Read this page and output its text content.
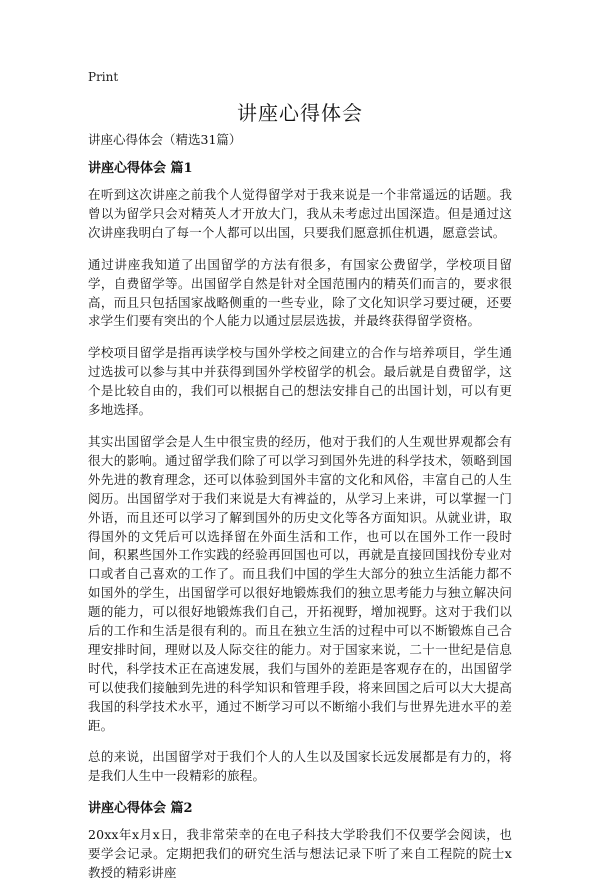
Print
讲座心得体会
讲座心得体会（精选31篇）
讲座心得体会 篇1

在听到这次讲座之前我个人觉得留学对于我来说是一个非常遥远的话题。我曾以为留学只会对精英人才开放大门，我从未考虑过出国深造。但是通过这次讲座我明白了每一个人都可以出国，只要我们愿意抓住机遇，愿意尝试。

通过讲座我知道了出国留学的方法有很多，有国家公费留学，学校项目留学，自费留学等。出国留学自然是针对全国范围内的精英们而言的，要求很高，而且只包括国家战略侧重的一些专业，除了文化知识学习要过硬，还要求学生们要有突出的个人能力以通过层层选拔，并最终获得留学资格。

学校项目留学是指再读学校与国外学校之间建立的合作与培养项目，学生通过选拔可以参与其中并获得到国外学校留学的机会。最后就是自费留学，这个是比较自由的，我们可以根据自己的想法安排自己的出国计划，可以有更多地选择。

其实出国留学会是人生中很宝贵的经历，他对于我们的人生观世界观都会有很大的影响。通过留学我们除了可以学习到国外先进的科学技术，领略到国外先进的教育理念，还可以体验到国外丰富的文化和风俗，丰富自己的人生阅历。出国留学对于我们来说是大有裨益的，从学习上来讲，可以掌握一门外语，而且还可以学习了解到国外的历史文化等各方面知识。从就业讲，取得国外的文凭后可以选择留在外面生活和工作，也可以在国外工作一段时间，积累些国外工作实践的经验再回国也可以，再就是直接回国找份专业对口或者自己喜欢的工作了。而且我们中国的学生大部分的独立生活能力都不如国外的学生，出国留学可以很好地锻炼我们的独立思考能力与独立解决问题的能力，可以很好地锻炼我们自己，开拓视野，增加视野。这对于我们以后的工作和生活是很有利的。而且在独立生活的过程中可以不断锻炼自己合理安排时间，理财以及人际交往的能力。对于国家来说，二十一世纪是信息时代，科学技术正在高速发展，我们与国外的差距是客观存在的，出国留学可以使我们接触到先进的科学知识和管理手段，将来回国之后可以大大提高我国的科学技术水平，通过不断学习可以不断缩小我们与世界先进水平的差距。

总的来说，出国留学对于我们个人的人生以及国家长远发展都是有力的，将是我们人生中一段精彩的旅程。

讲座心得体会 篇2

20xx年x月x日，我非常荣幸的在电子科技大学聆我们不仅要学会阅读，也要学会记录。定期把我们的研究生活与想法记录下听了来自工程院的院士x教授的精彩讲座
